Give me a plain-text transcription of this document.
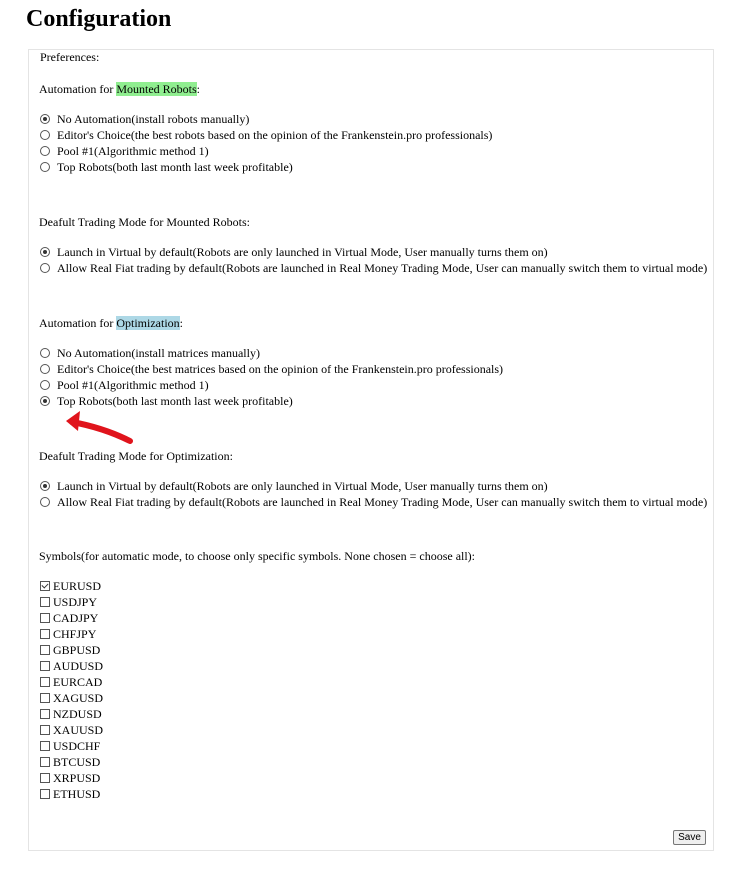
Configuration
Preferences:
Automation for Mounted Robots:
No Automation(install robots manually)
Editor's Choice(the best robots based on the opinion of the Frankenstein.pro professionals)
Pool #1(Algorithmic method 1)
Top Robots(both last month last week profitable)
Deafult Trading Mode for Mounted Robots:
Launch in Virtual by default(Robots are only launched in Virtual Mode, User manually turns them on)
Allow Real Fiat trading by default(Robots are launched in Real Money Trading Mode, User can manually switch them to virtual mode)
Automation for Optimization:
No Automation(install matrices manually)
Editor's Choice(the best matrices based on the opinion of the Frankenstein.pro professionals)
Pool #1(Algorithmic method 1)
Top Robots(both last month last week profitable)
Deafult Trading Mode for Optimization:
Launch in Virtual by default(Robots are only launched in Virtual Mode, User manually turns them on)
Allow Real Fiat trading by default(Robots are launched in Real Money Trading Mode, User can manually switch them to virtual mode)
Symbols(for automatic mode, to choose only specific symbols. None chosen = choose all):
EURUSD
USDJPY
CADJPY
CHFJPY
GBPUSD
AUDUSD
EURCAD
XAGUSD
NZDUSD
XAUUSD
USDCHF
BTCUSD
XRPUSD
ETHUSD
Save
